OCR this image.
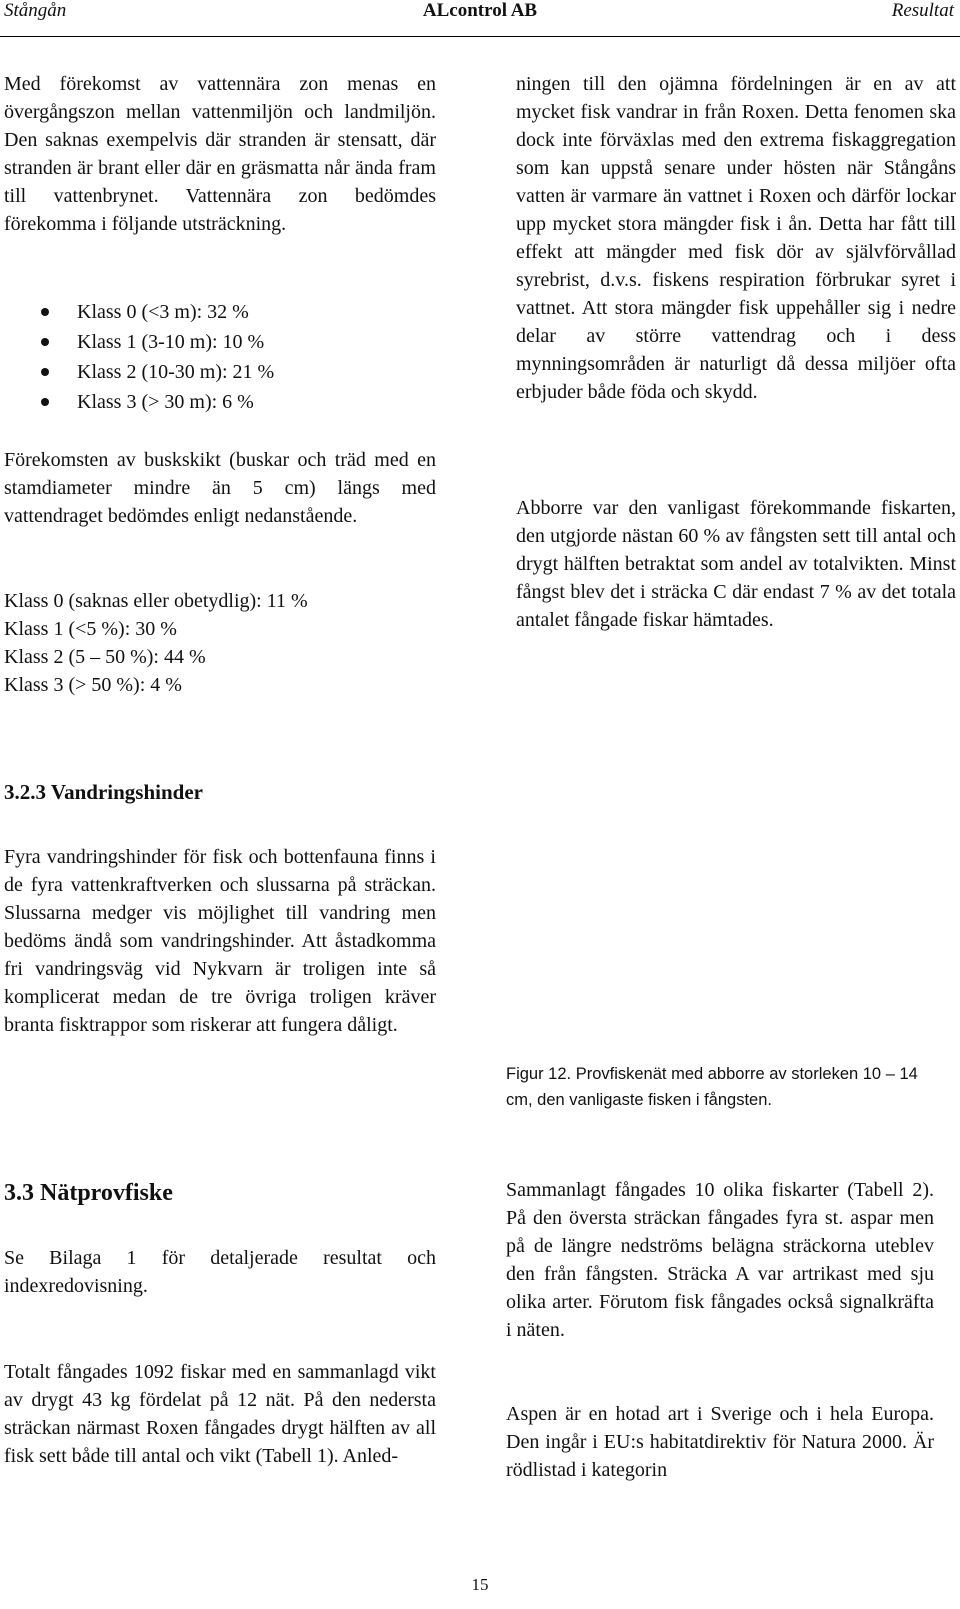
Stångån	ALcontrol AB	Resultat

Med förekomst av vattennära zon menas en övergångszon mellan vattenmiljön och landmiljön. Den saknas exempelvis där stranden är stensatt, där stranden är brant eller där en gräsmatta når ända fram till vattenbrynet. Vattennära zon bedömdes förekomma i följande utsträckning.

Klass 0 (<3 m): 32 %
Klass 1 (3-10 m): 10 %
Klass 2 (10-30 m): 21 %
Klass 3 (> 30 m): 6 %

Förekomsten av buskskikt (buskar och träd med en stamdiameter mindre än 5 cm) längs med vattendraget bedömdes enligt nedanstående.

Klass 0 (saknas eller obetydlig): 11 %
Klass 1 (<5 %): 30 %
Klass 2 (5 – 50 %): 44 %
Klass 3 (> 50 %): 4 %

ningen till den ojämna fördelningen är en av att mycket fisk vandrar in från Roxen. Detta fenomen ska dock inte förväxlas med den extrema fiskaggregation som kan uppstå senare under hösten när Stångåns vatten är varmare än vattnet i Roxen och därför lockar upp mycket stora mängder fisk i ån. Detta har fått till effekt att mängder med fisk dör av självförvållad syrebrist, d.v.s. fiskens respiration förbrukar syret i vattnet. Att stora mängder fisk uppehåller sig i nedre delar av större vattendrag och i dess mynningsområden är naturligt då dessa miljöer ofta erbjuder både föda och skydd.

Abborre var den vanligast förekommande fiskarten, den utgjorde nästan 60 % av fångsten sett till antal och drygt hälften betraktat som andel av totalvikten. Minst fångst blev det i sträcka C där endast 7 % av det totala antalet fångade fiskar hämtades.

3.2.3 Vandringshinder

Fyra vandringshinder för fisk och bottenfauna finns i de fyra vattenkraftverken och slussarna på sträckan. Slussarna medger vis möjlighet till vandring men bedöms ändå som vandringshinder. Att åstadkomma fri vandringsväg vid Nykvarn är troligen inte så komplicerat medan de tre övriga troligen kräver branta fisktrappor som riskerar att fungera dåligt.

Figur 12. Provfiskenät med abborre av storleken 10 – 14 cm, den vanligaste fisken i fångsten.

3.3 Nätprovfiske

Se Bilaga 1 för detaljerade resultat och indexredovisning.

Totalt fångades 1092 fiskar med en sammanlagd vikt av drygt 43 kg fördelat på 12 nät. På den nedersta sträckan närmast Roxen fångades drygt hälften av all fisk sett både till antal och vikt (Tabell 1). Anled-

Sammanlagt fångades 10 olika fiskarter (Tabell 2). På den översta sträckan fångades fyra st. aspar men på de längre nedströms belägna sträckorna uteblev den från fångsten. Sträcka A var artrikast med sju olika arter. Förutom fisk fångades också signalkräfta i näten.

Aspen är en hotad art i Sverige och i hela Europa. Den ingår i EU:s habitatdirektiv för Natura 2000. Är rödlistad i kategorin

15
